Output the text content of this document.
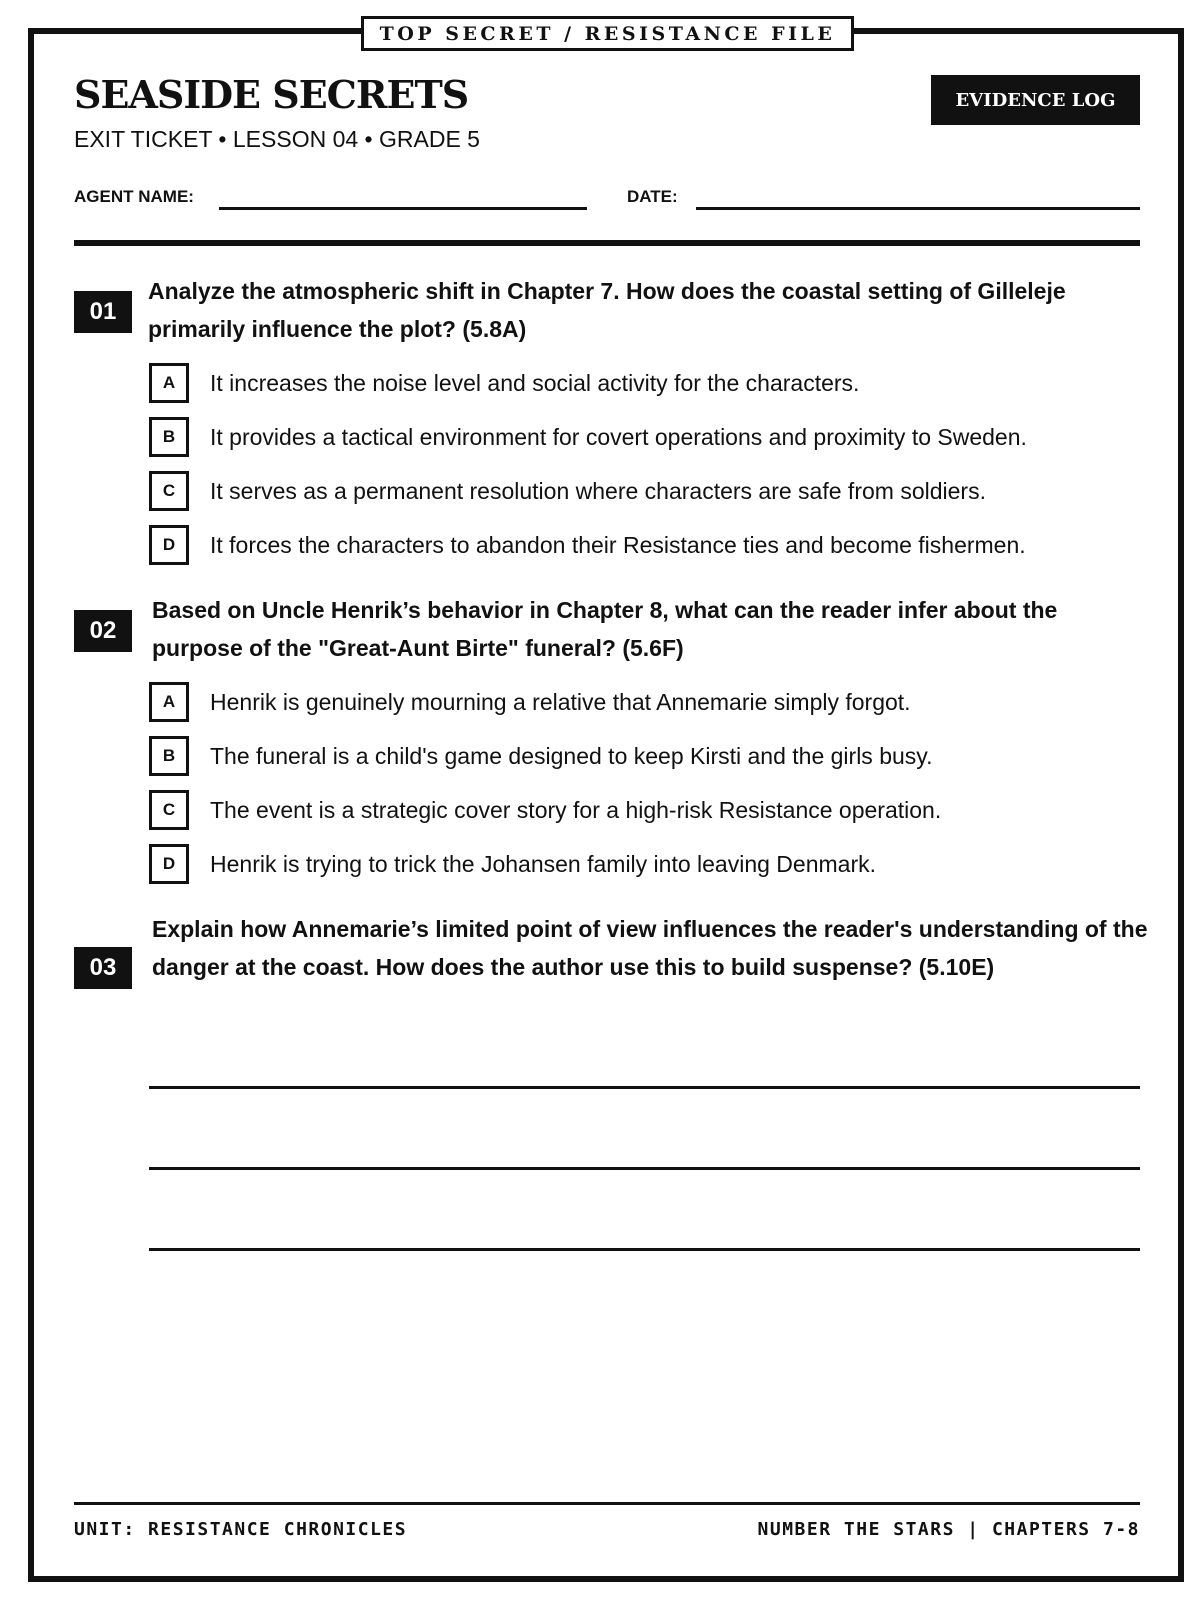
TOP SECRET / RESISTANCE FILE
SEASIDE SECRETS
EXIT TICKET • LESSON 04 • GRADE 5
EVIDENCE LOG
AGENT NAME:	DATE:
01
Analyze the atmospheric shift in Chapter 7. How does the coastal setting of Gilleleje primarily influence the plot? (5.8A)
A	It increases the noise level and social activity for the characters.
B	It provides a tactical environment for covert operations and proximity to Sweden.
C	It serves as a permanent resolution where characters are safe from soldiers.
D	It forces the characters to abandon their Resistance ties and become fishermen.
02
Based on Uncle Henrik’s behavior in Chapter 8, what can the reader infer about the purpose of the "Great-Aunt Birte" funeral? (5.6F)
A	Henrik is genuinely mourning a relative that Annemarie simply forgot.
B	The funeral is a child's game designed to keep Kirsti and the girls busy.
C	The event is a strategic cover story for a high-risk Resistance operation.
D	Henrik is trying to trick the Johansen family into leaving Denmark.
03
Explain how Annemarie’s limited point of view influences the reader's understanding of the danger at the coast. How does the author use this to build suspense? (5.10E)
UNIT: RESISTANCE CHRONICLES	NUMBER THE STARS | CHAPTERS 7-8
